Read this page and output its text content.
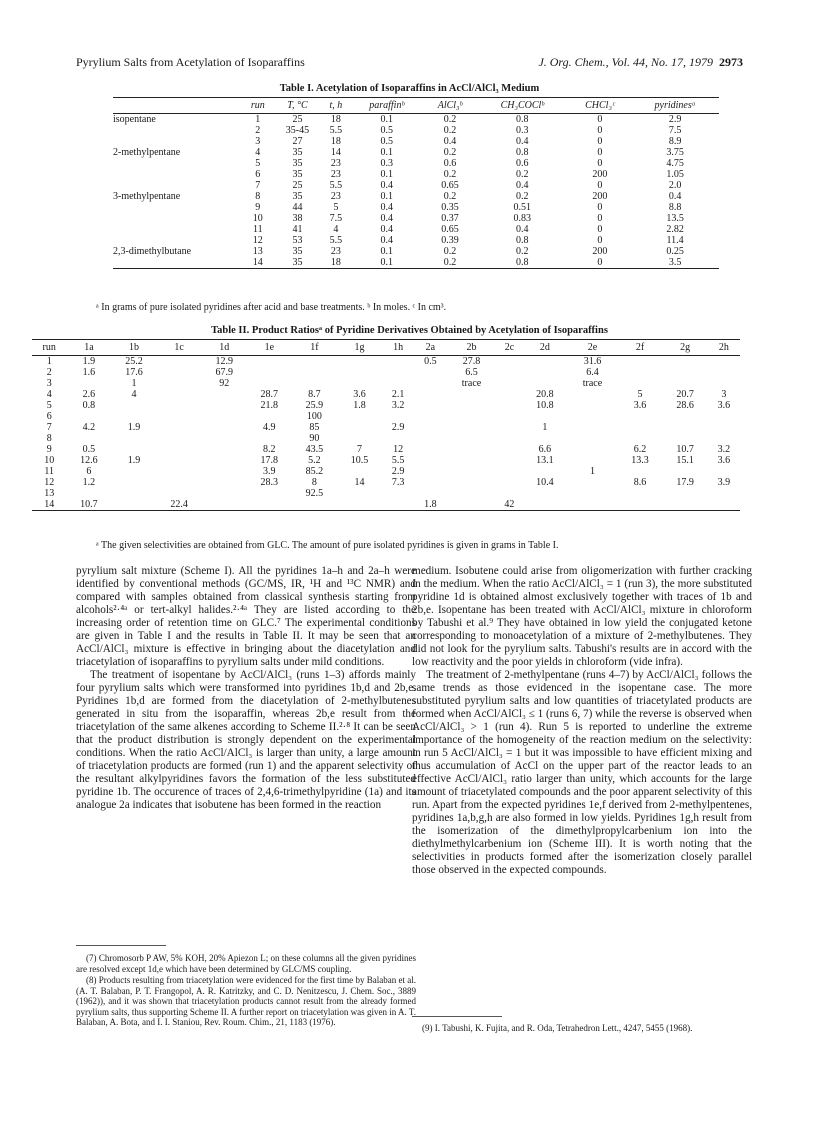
Pyrylium Salts from Acetylation of Isoparaffins	J. Org. Chem., Vol. 44, No. 17, 1979 2973
Table I. Acetylation of Isoparaffins in AcCl/AlCl₃ Medium
	run	T, °C	t, h	paraffinᵇ	AlCl₃ᵇ	CH₃COClᵇ	CHCl₃ᶜ	pyridinesᵃ
isopentane	1	25	18	0.1	0.2	0.8	0	2.9
	2	35-45	5.5	0.5	0.2	0.3	0	7.5
	3	27	18	0.5	0.4	0.4	0	8.9
2-methylpentane	4	35	14	0.1	0.2	0.8	0	3.75
	5	35	23	0.3	0.6	0.6	0	4.75
	6	35	23	0.1	0.2	0.2	200	1.05
	7	25	5.5	0.4	0.65	0.4	0	2.0
3-methylpentane	8	35	23	0.1	0.2	0.2	200	0.4
	9	44	5	0.4	0.35	0.51	0	8.8
	10	38	7.5	0.4	0.37	0.83	0	13.5
	11	41	4	0.4	0.65	0.4	0	2.82
	12	53	5.5	0.4	0.39	0.8	0	11.4
2,3-dimethylbutane	13	35	23	0.1	0.2	0.2	200	0.25
	14	35	18	0.1	0.2	0.8	0	3.5
ᵃ In grams of pure isolated pyridines after acid and base treatments. ᵇ In moles. ᶜ In cm³.
Table II. Product Ratiosᵃ of Pyridine Derivatives Obtained by Acetylation of Isoparaffins
run	1a	1b	1c	1d	1e	1f	1g	1h	2a	2b	2c	2d	2e	2f	2g	2h
1	1.9	25.2		12.9					0.5	27.8			31.6			
2	1.6	17.6		67.9						6.5			6.4			
3		1		92						trace			trace			
4	2.6	4			28.7	8.7	3.6	2.1				20.8		5	20.7	3
5	0.8				21.8	25.9	1.8	3.2				10.8		3.6	28.6	3.6
6						100										
7	4.2	1.9			4.9	85		2.9				1				
8						90										
9	0.5				8.2	43.5	7	12				6.6		6.2	10.7	3.2
10	12.6	1.9			17.8	5.2	10.5	5.5				13.1		13.3	15.1	3.6
11	6				3.9	85.2		2.9					1			
12	1.2				28.3	8	14	7.3				10.4		8.6	17.9	3.9
13						92.5										
14	10.7		22.4						1.8		42					
ᵃ The given selectivities are obtained from GLC. The amount of pure isolated pyridines is given in grams in Table I.

pyrylium salt mixture (Scheme I). All the pyridines 1a–h and 2a–h were identified by conventional methods (GC/MS, IR, ¹H and ¹³C NMR) and compared with samples obtained from classical synthesis starting from alcohols²·⁴ᵃ or tert-alkyl halides.²·⁴ᵃ They are listed according to the increasing order of retention time on GLC.⁷ The experimental conditions are given in Table I and the results in Table II. It may be seen that an AcCl/AlCl₃ mixture is effective in bringing about the diacetylation and triacetylation of isoparaffins to pyrylium salts under mild conditions.

The treatment of isopentane by AcCl/AlCl₃ (runs 1–3) affords mainly four pyrylium salts which were transformed into pyridines 1b,d and 2b,e. Pyridines 1b,d are formed from the diacetylation of 2-methylbutenes generated in situ from the isoparaffin, whereas 2b,e result from the triacetylation of the same alkenes according to Scheme II.²·⁸ It can be seen that the product distribution is strongly dependent on the experimental conditions. When the ratio AcCl/AlCl₃ is larger than unity, a large amount of triacetylation products are formed (run 1) and the apparent selectivity of the resultant alkylpyridines favors the formation of the less substituted pyridine 1b. The occurence of traces of 2,4,6-trimethylpyridine (1a) and its analogue 2a indicates that isobutene has been formed in the reaction

medium. Isobutene could arise from oligomerization with further cracking in the medium. When the ratio AcCl/AlCl₃ = 1 (run 3), the more substituted pyridine 1d is obtained almost exclusively together with traces of 1b and 2b,e. Isopentane has been treated with AcCl/AlCl₃ mixture in chloroform by Tabushi et al.⁹ They have obtained in low yield the conjugated ketone corresponding to monoacetylation of a mixture of 2-methylbutenes. They did not look for the pyrylium salts. Tabushi's results are in accord with the low reactivity and the poor yields in chloroform (vide infra).

The treatment of 2-methylpentane (runs 4–7) by AcCl/AlCl₃ follows the same trends as those evidenced in the isopentane case. The more substituted pyrylium salts and low quantities of triacetylated products are formed when AcCl/AlCl₃ ≤ 1 (runs 6, 7) while the reverse is observed when AcCl/AlCl₃ > 1 (run 4). Run 5 is reported to underline the extreme importance of the homogeneity of the reaction medium on the selectivity: in run 5 AcCl/AlCl₃ = 1 but it was impossible to have efficient mixing and thus accumulation of AcCl on the upper part of the reactor leads to an effective AcCl/AlCl₃ ratio larger than unity, which accounts for the large amount of triacetylated compounds and the poor apparent selectivity of this run. Apart from the expected pyridines 1e,f derived from 2-methylpentenes, pyridines 1a,b,g,h are also formed in low yields. Pyridines 1g,h result from the isomerization of the dimethylpropylcarbenium ion into the diethylmethylcarbenium ion (Scheme III). It is worth noting that the selectivities in products formed after the isomerization closely parallel those observed in the expected compounds.

(7) Chromosorb P AW, 5% KOH, 20% Apiezon L; on these columns all the given pyridines are resolved except 1d,e which have been determined by GLC/MS coupling.

(8) Products resulting from triacetylation were evidenced for the first time by Balaban et al. (A. T. Balaban, P. T. Frangopol, A. R. Katritzky, and C. D. Nenitzescu, J. Chem. Soc., 3889 (1962)), and it was shown that triacetylation products cannot result from the already formed pyrylium salts, thus supporting Scheme II. A further report on triacetylation was given in A. T. Balaban, A. Bota, and I. I. Staniou, Rev. Roum. Chim., 21, 1183 (1976).

(9) I. Tabushi, K. Fujita, and R. Oda, Tetrahedron Lett., 4247, 5455 (1968).
